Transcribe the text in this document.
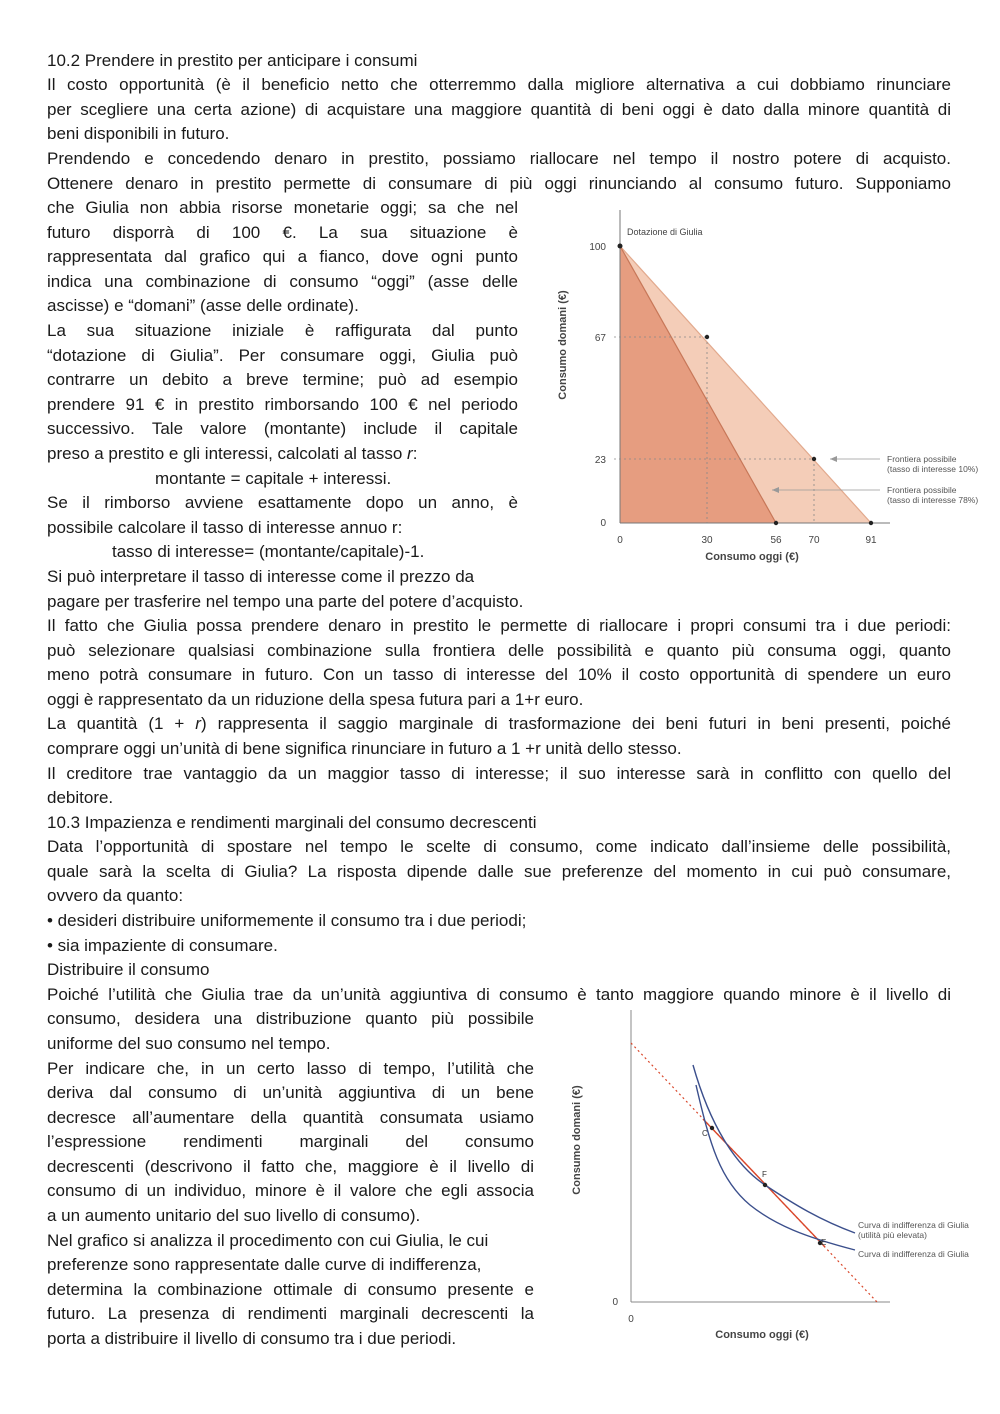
10.2 Prendere in prestito per anticipare i consumi
Il costo opportunità (è il beneficio netto che otterremmo dalla migliore alternativa a cui dobbiamo rinunciare
per scegliere una certa azione) di acquistare una maggiore quantità di beni oggi è dato dalla minore quantità di
beni disponibili in futuro.
Prendendo e concedendo denaro in prestito, possiamo riallocare nel tempo il nostro potere di acquisto.
Ottenere denaro in prestito permette di consumare di più oggi rinunciando al consumo futuro. Supponiamo
che Giulia non abbia risorse monetarie oggi; sa che nel
futuro disporrà di 100 €. La sua situazione è
rappresentata dal grafico qui a fianco, dove ogni punto
indica una combinazione di consumo “oggi” (asse delle
ascisse) e “domani” (asse delle ordinate).
La sua situazione iniziale è raffigurata dal punto
“dotazione di Giulia”. Per consumare oggi, Giulia può
contrarre un debito a breve termine; può ad esempio
prendere 91 € in prestito rimborsando 100 € nel periodo
successivo. Tale valore (montante) include il capitale
preso a prestito e gli interessi, calcolati al tasso r:
montante = capitale + interessi.
Se il rimborso avviene esattamente dopo un anno, è
possibile calcolare il tasso di interesse annuo r:
tasso di interesse= (montante/capitale)-1.
Si può interpretare il tasso di interesse come il prezzo da
pagare per trasferire nel tempo una parte del potere d’acquisto.
Il fatto che Giulia possa prendere denaro in prestito le permette di riallocare i propri consumi tra i due periodi:
può selezionare qualsiasi combinazione sulla frontiera delle possibilità e quanto più consuma oggi, quanto
meno potrà consumare in futuro. Con un tasso di interesse del 10% il costo opportunità di spendere un euro
oggi è rappresentato da un riduzione della spesa futura pari a 1+r euro.
La quantità (1 + r) rappresenta il saggio marginale di trasformazione dei beni futuri in beni presenti, poiché
comprare oggi un’unità di bene significa rinunciare in futuro a 1 +r unità dello stesso.
Il creditore trae vantaggio da un maggior tasso di interesse; il suo interesse sarà in conflitto con quello del
debitore.
10.3 Impazienza e rendimenti marginali del consumo decrescenti
Data l’opportunità di spostare nel tempo le scelte di consumo, come indicato dall’insieme delle possibilità,
quale sarà la scelta di Giulia? La risposta dipende dalle sue preferenze del momento in cui può consumare,
ovvero da quanto:
• desideri distribuire uniformemente il consumo tra i due periodi;
• sia impaziente di consumare.
Distribuire il consumo
Poiché l’utilità che Giulia trae da un’unità aggiuntiva di consumo è tanto maggiore quando minore è il livello di
consumo, desidera una distribuzione quanto più possibile
uniforme del suo consumo nel tempo.
Per indicare che, in un certo lasso di tempo, l’utilità che
deriva dal consumo di un’unità aggiuntiva di un bene
decresce all’aumentare della quantità consumata usiamo
l’espressione rendimenti marginali del consumo
decrescenti (descrivono il fatto che, maggiore è il livello di
consumo di un individuo, minore è il valore che egli associa
a un aumento unitario del suo livello di consumo).
Nel grafico si analizza il procedimento con cui Giulia, le cui
preferenze sono rappresentate dalle curve di indifferenza,
determina la combinazione ottimale di consumo presente e
futuro. La presenza di rendimenti marginali decrescenti la
porta a distribuire il livello di consumo tra i due periodi.
100
67
23
0
0	30	56	70	91
Dotazione di Giulia
Consumo domani (€)
Consumo oggi (€)
Frontiera possibile
(tasso di interesse 10%)
Frontiera possibile
(tasso di interesse 78%)
C
F
E
0
0
Consumo domani (€)
Consumo oggi (€)
Curva di indifferenza di Giulia
(utilità più elevata)
Curva di indifferenza di Giulia
